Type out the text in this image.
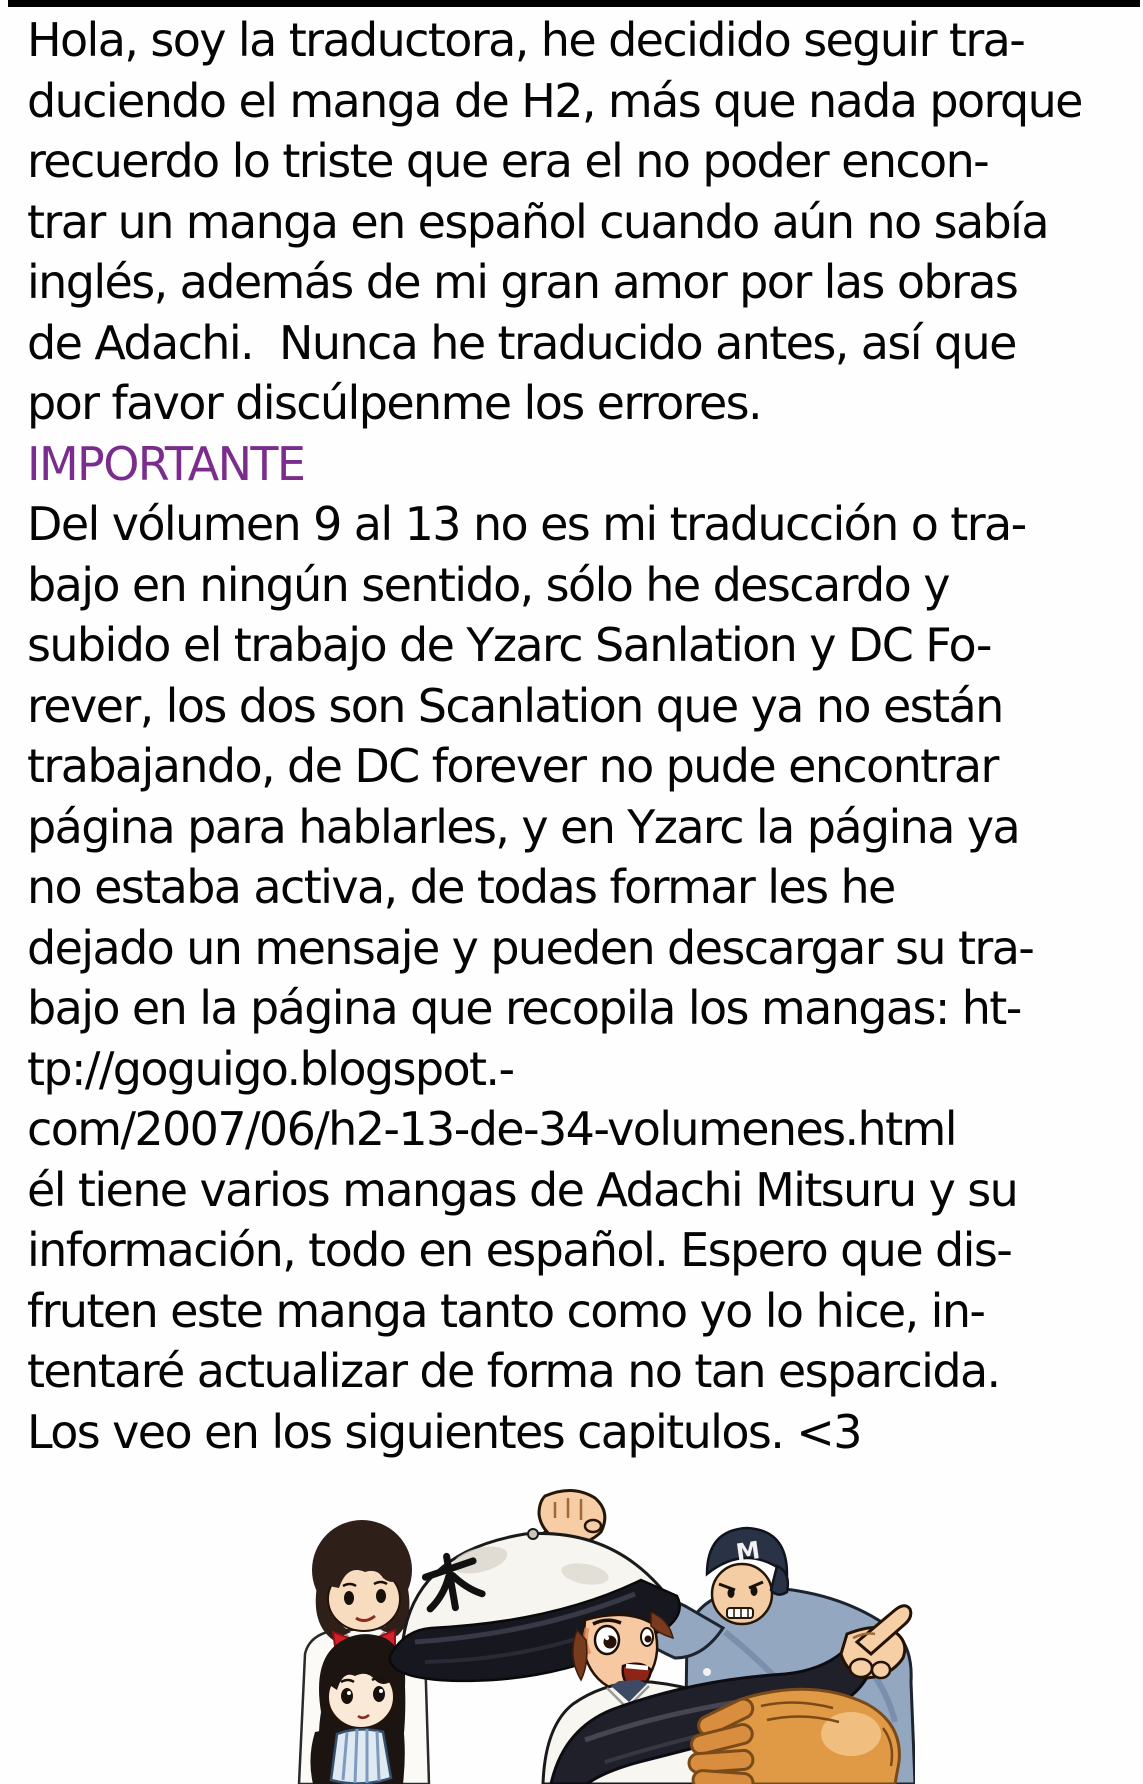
Hola, soy la traductora, he decidido seguir tra-
duciendo el manga de H2, más que nada porque
recuerdo lo triste que era el no poder encon-
trar un manga en español cuando aún no sabía
inglés, además de mi gran amor por las obras
de Adachi.  Nunca he traducido antes, así que
por favor discúlpenme los errores.
IMPORTANTE
Del vólumen 9 al 13 no es mi traducción o tra-
bajo en ningún sentido, sólo he descardo y
subido el trabajo de Yzarc Sanlation y DC Fo-
rever, los dos son Scanlation que ya no están
trabajando, de DC forever no pude encontrar
página para hablarles, y en Yzarc la página ya
no estaba activa, de todas formar les he
dejado un mensaje y pueden descargar su tra-
bajo en la página que recopila los mangas: ht-
tp://goguigo.blogspot.-
com/2007/06/h2-13-de-34-volumenes.html
él tiene varios mangas de Adachi Mitsuru y su
información, todo en español. Espero que dis-
fruten este manga tanto como yo lo hice, in-
tentaré actualizar de forma no tan esparcida.
Los veo en los siguientes capitulos. <3
M
